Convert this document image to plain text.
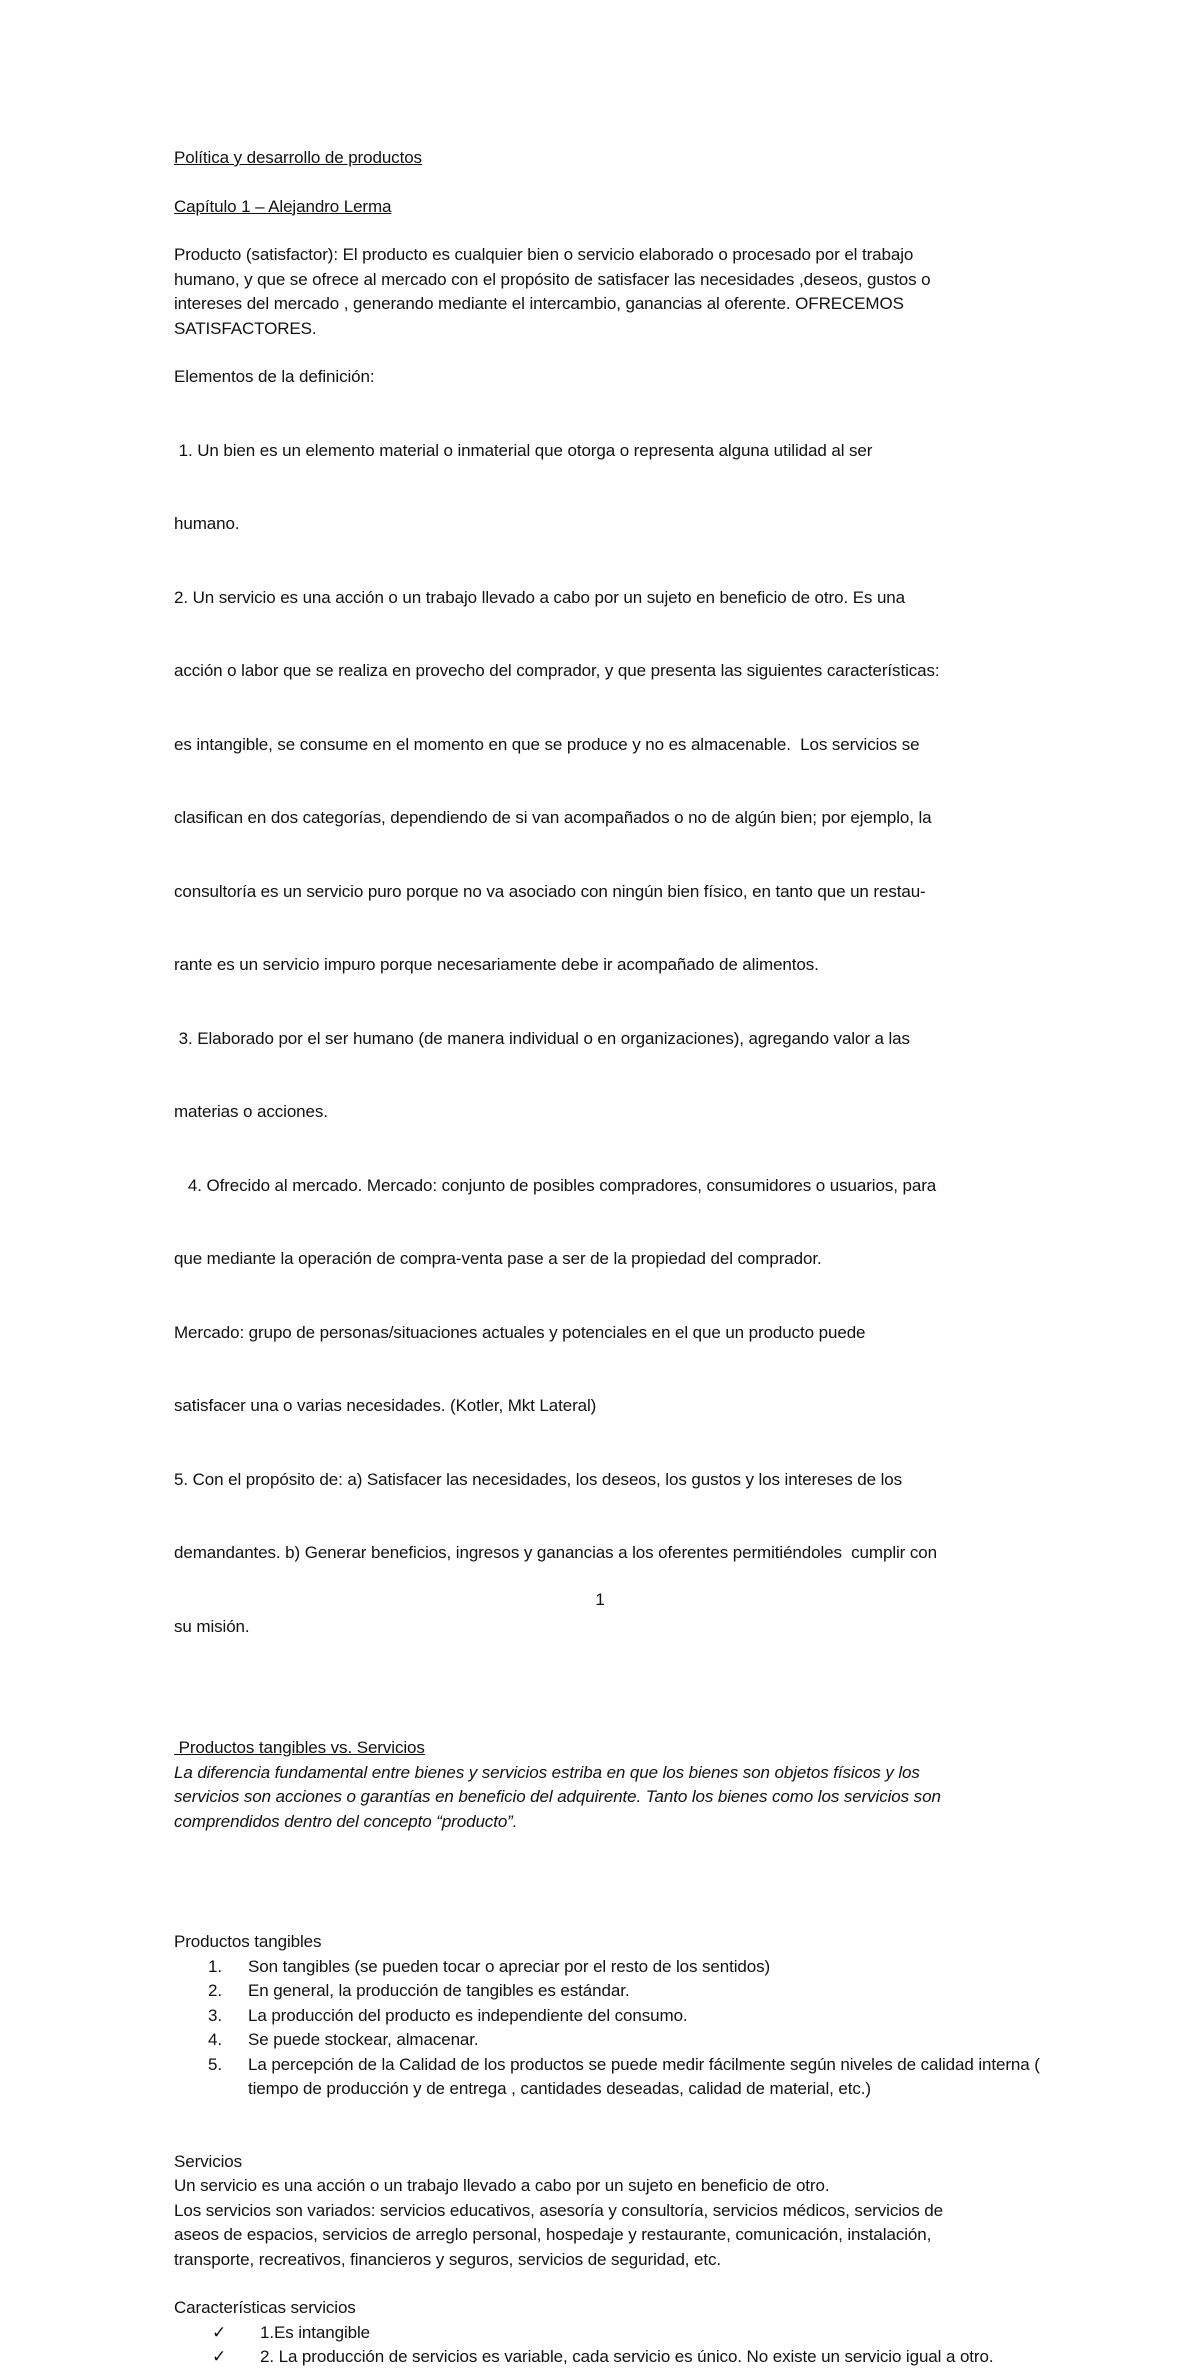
Política y desarrollo de productos

Capítulo 1 – Alejandro Lerma

Producto (satisfactor): El producto es cualquier bien o servicio elaborado o procesado por el trabajo

humano, y que se ofrece al mercado con el propósito de satisfacer las necesidades ,deseos, gustos o

intereses del mercado , generando mediante el intercambio, ganancias al oferente. OFRECEMOS

SATISFACTORES.

Elementos de la definición:

1. Un bien es un elemento material o inmaterial que otorga o representa alguna utilidad al ser

humano.

2. Un servicio es una acción o un trabajo llevado a cabo por un sujeto en beneficio de otro. Es una

acción o labor que se realiza en provecho del comprador, y que presenta las siguientes características:

es intangible, se consume en el momento en que se produce y no es almacenable.  Los servicios se

clasifican en dos categorías, dependiendo de si van acompañados o no de algún bien; por ejemplo, la

consultoría es un servicio puro porque no va asociado con ningún bien físico, en tanto que un restau-

rante es un servicio impuro porque necesariamente debe ir acompañado de alimentos.

3. Elaborado por el ser humano (de manera individual o en organizaciones), agregando valor a las

materias o acciones.

4. Ofrecido al mercado. Mercado: conjunto de posibles compradores, consumidores o usuarios, para

que mediante la operación de compra-venta pase a ser de la propiedad del comprador.

Mercado: grupo de personas/situaciones actuales y potenciales en el que un producto puede

satisfacer una o varias necesidades. (Kotler, Mkt Lateral)

5. Con el propósito de: a) Satisfacer las necesidades, los deseos, los gustos y los intereses de los

demandantes. b) Generar beneficios, ingresos y ganancias a los oferentes permitiéndoles  cumplir con

su misión.

Productos tangibles vs. Servicios

La diferencia fundamental entre bienes y servicios estriba en que los bienes son objetos físicos y los

servicios son acciones o garantías en beneficio del adquirente. Tanto los bienes como los servicios son

comprendidos dentro del concepto “producto”.

Productos tangibles

1.	Son tangibles (se pueden tocar o apreciar por el resto de los sentidos)
2.	En general, la producción de tangibles es estándar.
3.	La producción del producto es independiente del consumo.
4.	Se puede stockear, almacenar.
5.	La percepción de la Calidad de los productos se puede medir fácilmente según niveles de calidad interna ( tiempo de producción y de entrega , cantidades deseadas, calidad de material, etc.)

Servicios

Un servicio es una acción o un trabajo llevado a cabo por un sujeto en beneficio de otro.

Los servicios son variados: servicios educativos, asesoría y consultoría, servicios médicos, servicios de

aseos de espacios, servicios de arreglo personal, hospedaje y restaurante, comunicación, instalación,

transporte, recreativos, financieros y seguros, servicios de seguridad, etc.

Características servicios

✓	1.Es intangible
✓	2. La producción de servicios es variable, cada servicio es único. No existe un servicio igual a otro.
1
